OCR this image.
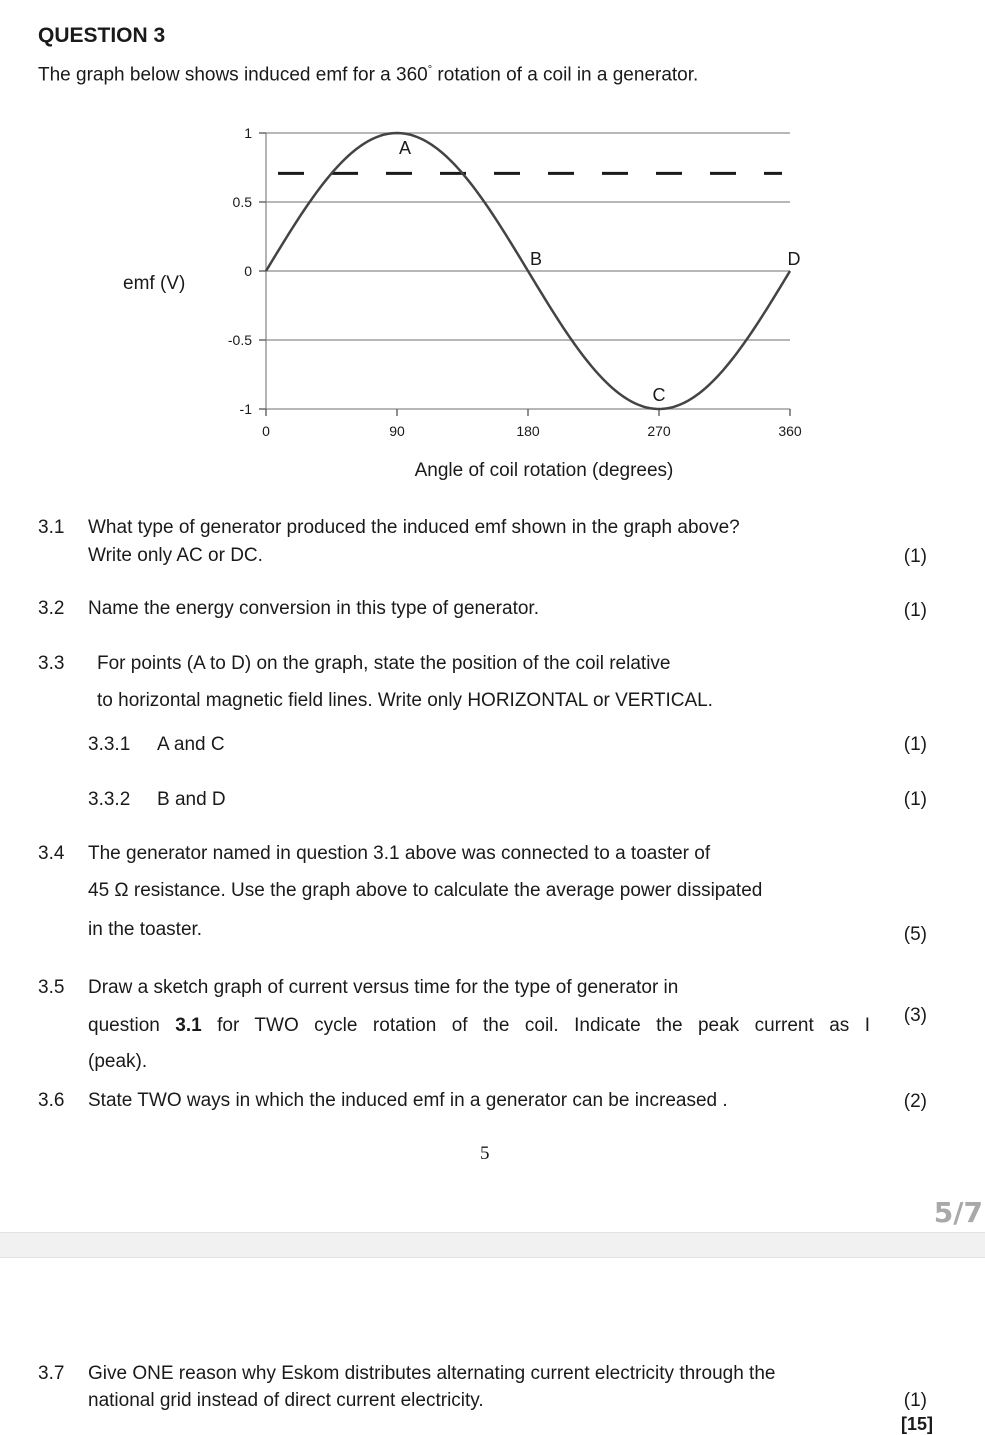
QUESTION 3
The graph below shows induced emf for a 360° rotation of a coil in a generator.
1
0.5
0
-0.5
-1
0	90	180	270	360
A
B
C
D
emf (V)
Angle of coil rotation (degrees)
3.1 What type of generator produced the induced emf shown in the graph above?
Write only AC or DC.	(1)
3.2 Name the energy conversion in this type of generator.	(1)
3.3 For points (A to D) on the graph, state the position of the coil relative
to horizontal magnetic field lines. Write only HORIZONTAL or VERTICAL.
3.3.1 A and C	(1)
3.3.2 B and D	(1)
3.4 The generator named in question 3.1 above was connected to a toaster of
45 Ω resistance. Use the graph above to calculate the average power dissipated
in the toaster.	(5)
3.5 Draw a sketch graph of current versus time for the type of generator in
question 3.1 for TWO cycle rotation of the coil. Indicate the peak current as I
(peak).
(3)
3.6 State TWO ways in which the induced emf in a generator can be increased .	(2)
5
5/7
3.7 Give ONE reason why Eskom distributes alternating current electricity through the
national grid instead of direct current electricity.	(1)
[15]
